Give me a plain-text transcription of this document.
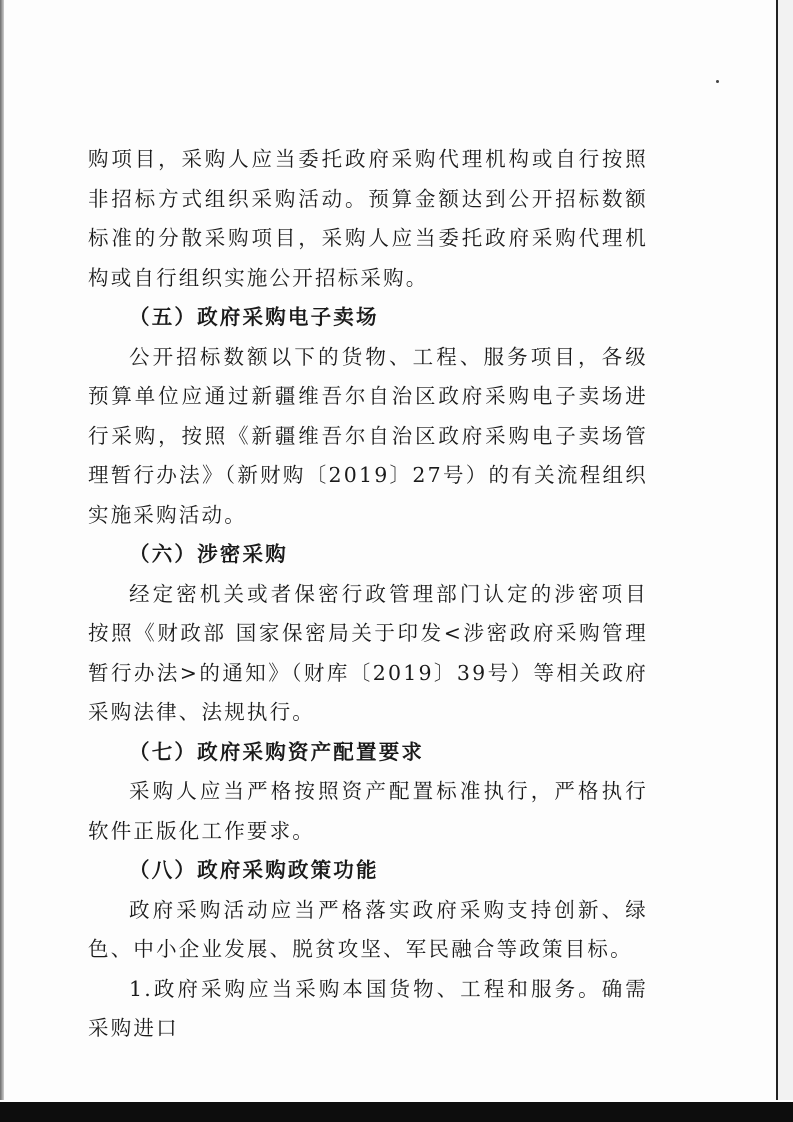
购项目，采购人应当委托政府采购代理机构或自行按照非招标方式组织采购活动。预算金额达到公开招标数额标准的分散采购项目，采购人应当委托政府采购代理机构或自行组织实施公开招标采购。

（五）政府采购电子卖场

公开招标数额以下的货物、工程、服务项目，各级预算单位应通过新疆维吾尔自治区政府采购电子卖场进行采购，按照《新疆维吾尔自治区政府采购电子卖场管理暂行办法》（新财购〔2019〕27号）的有关流程组织实施采购活动。

（六）涉密采购

经定密机关或者保密行政管理部门认定的涉密项目按照《财政部 国家保密局关于印发<涉密政府采购管理暂行办法>的通知》（财库〔2019〕39号）等相关政府采购法律、法规执行。

（七）政府采购资产配置要求

采购人应当严格按照资产配置标准执行，严格执行软件正版化工作要求。

（八）政府采购政策功能

政府采购活动应当严格落实政府采购支持创新、绿色、中小企业发展、脱贫攻坚、军民融合等政策目标。

1.政府采购应当采购本国货物、工程和服务。确需采购进口
